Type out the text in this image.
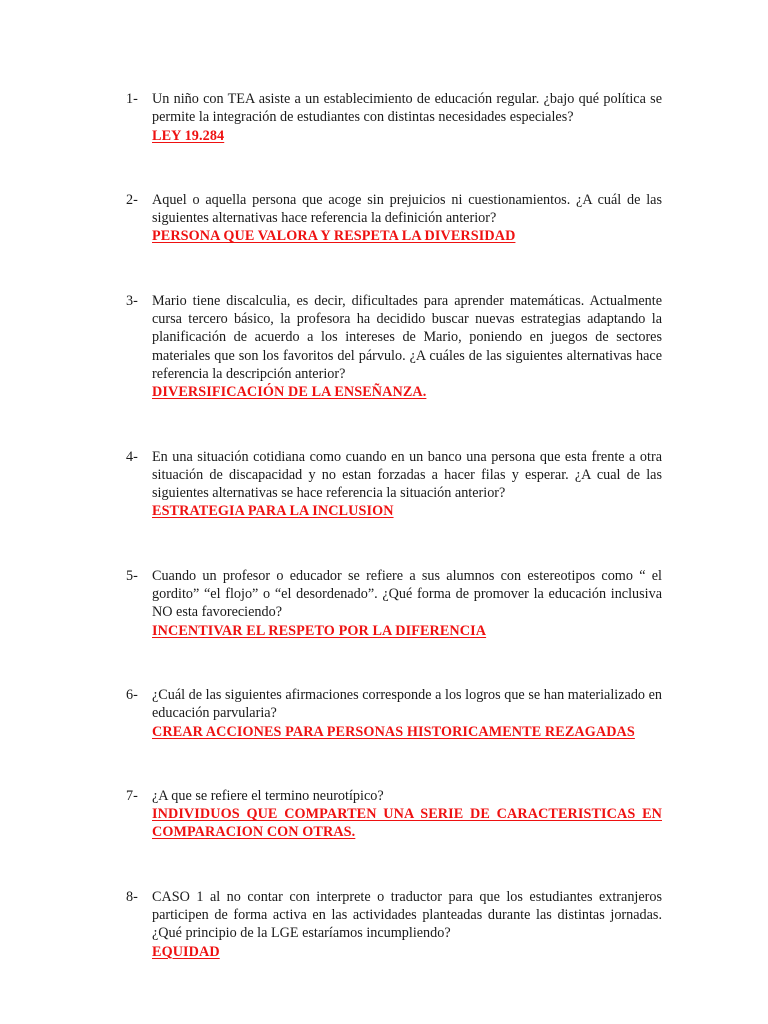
1- Un niño con TEA asiste a un establecimiento de educación regular. ¿bajo qué política se permite la integración de estudiantes con distintas necesidades especiales?

LEY 19.284

2- Aquel o aquella persona que acoge sin prejuicios ni cuestionamientos. ¿A cuál de las siguientes alternativas hace referencia la definición anterior?

PERSONA QUE VALORA Y RESPETA LA DIVERSIDAD

3- Mario tiene discalculia, es decir, dificultades para aprender matemáticas. Actualmente cursa tercero básico, la profesora ha decidido buscar nuevas estrategias adaptando la planificación de acuerdo a los intereses de Mario, poniendo en juegos de sectores materiales que son los favoritos del párvulo. ¿A cuáles de las siguientes alternativas hace referencia la descripción anterior?

DIVERSIFICACIÓN DE LA ENSEÑANZA.

4- En una situación cotidiana como cuando en un banco una persona que esta frente a otra situación de discapacidad y no estan forzadas a hacer filas y esperar. ¿A cual de las siguientes alternativas se hace referencia la situación anterior?

ESTRATEGIA PARA LA INCLUSION

5- Cuando un profesor o educador se refiere a sus alumnos con estereotipos como “ el gordito” “el flojo” o “el desordenado”. ¿Qué forma de promover la educación inclusiva NO esta favoreciendo?

INCENTIVAR EL RESPETO POR LA DIFERENCIA

6- ¿Cuál de las siguientes afirmaciones corresponde a los logros que se han materializado en educación parvularia?

CREAR ACCIONES PARA PERSONAS HISTORICAMENTE REZAGADAS

7- ¿A que se refiere el termino neurotípico?

INDIVIDUOS QUE COMPARTEN UNA SERIE DE CARACTERISTICAS EN COMPARACION CON OTRAS.

8- CASO 1 al no contar con interprete o traductor para que los estudiantes extranjeros participen de forma activa en las actividades planteadas durante las distintas jornadas. ¿Qué principio de la LGE estaríamos incumpliendo?

EQUIDAD
